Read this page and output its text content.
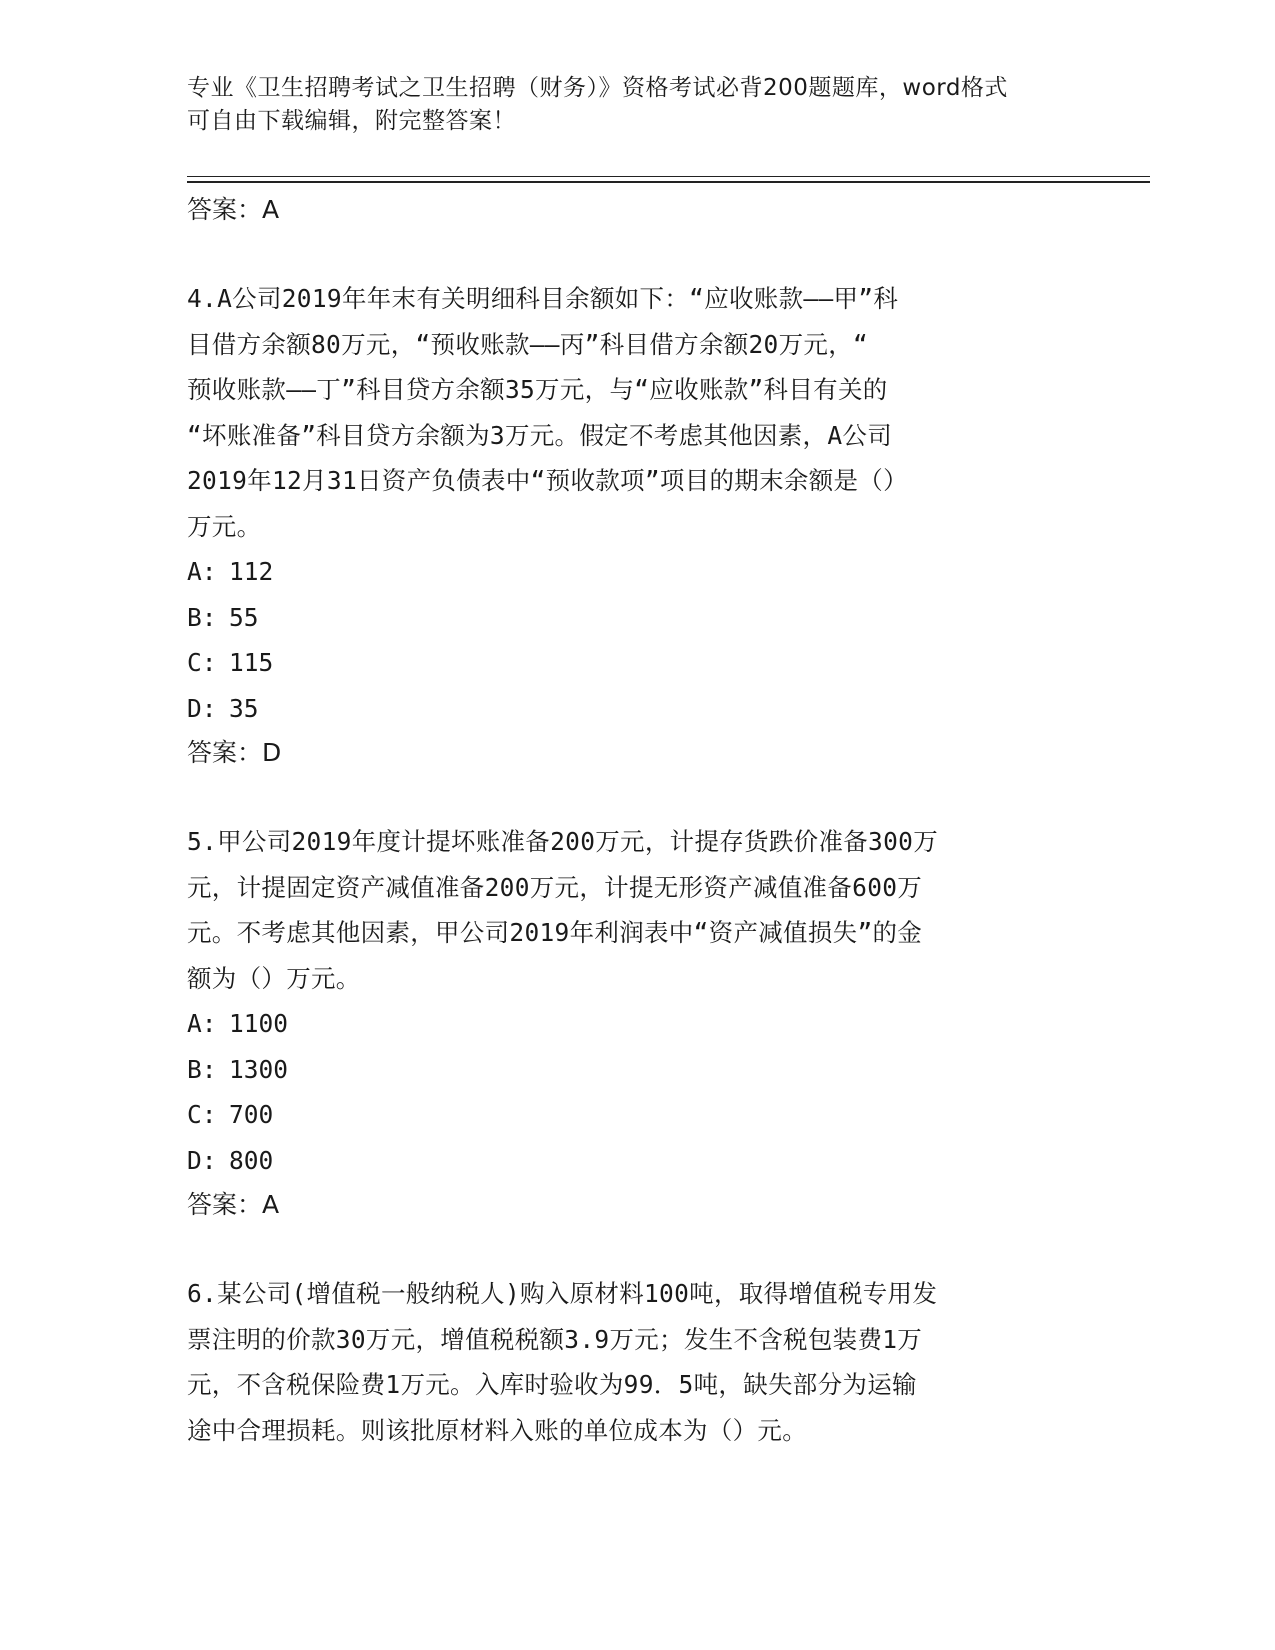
专业《卫生招聘考试之卫生招聘（财务）》资格考试必背200题题库，word格式
可自由下载编辑，附完整答案！
答案：A
4.A公司2019年年末有关明细科目余额如下：“应收账款——甲”科
目借方余额80万元，“预收账款——丙”科目借方余额20万元，“
预收账款——丁”科目贷方余额35万元，与“应收账款”科目有关的
“坏账准备”科目贷方余额为3万元。假定不考虑其他因素，A公司
2019年12月31日资产负债表中“预收款项”项目的期末余额是（）
万元。
A: 112
B: 55
C: 115
D: 35
答案：D
5.甲公司2019年度计提坏账准备200万元，计提存货跌价准备300万
元，计提固定资产减值准备200万元，计提无形资产减值准备600万
元。不考虑其他因素，甲公司2019年利润表中“资产减值损失”的金
额为（）万元。
A: 1100
B: 1300
C: 700
D: 800
答案：A
6.某公司(增值税一般纳税人)购入原材料100吨，取得增值税专用发
票注明的价款30万元，增值税税额3.9万元；发生不含税包装费1万
元，不含税保险费1万元。入库时验收为99．5吨，缺失部分为运输
途中合理损耗。则该批原材料入账的单位成本为（）元。
